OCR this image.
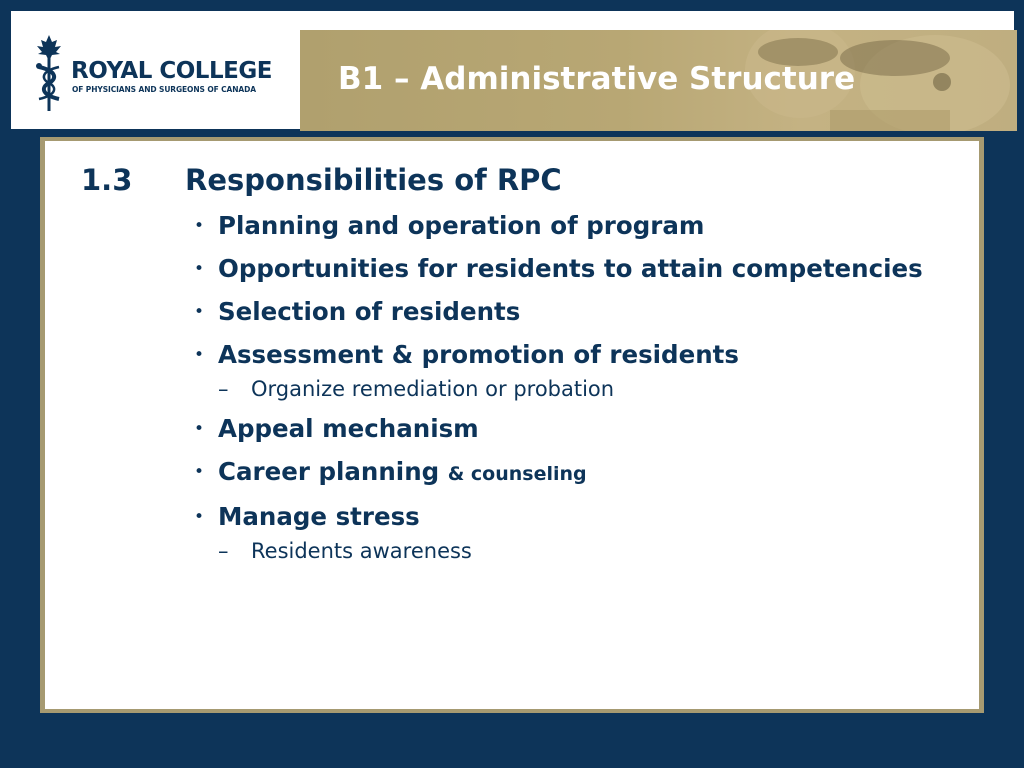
ROYAL COLLEGE
OF PHYSICIANS AND SURGEONS OF CANADA	B1 – Administrative Structure
1.3 Responsibilities of RPC
• Planning and operation of program
• Opportunities for residents to attain competencies
• Selection of residents
• Assessment & promotion of residents
– Organize remediation or probation
• Appeal mechanism
• Career planning & counseling
• Manage stress
– Residents awareness
